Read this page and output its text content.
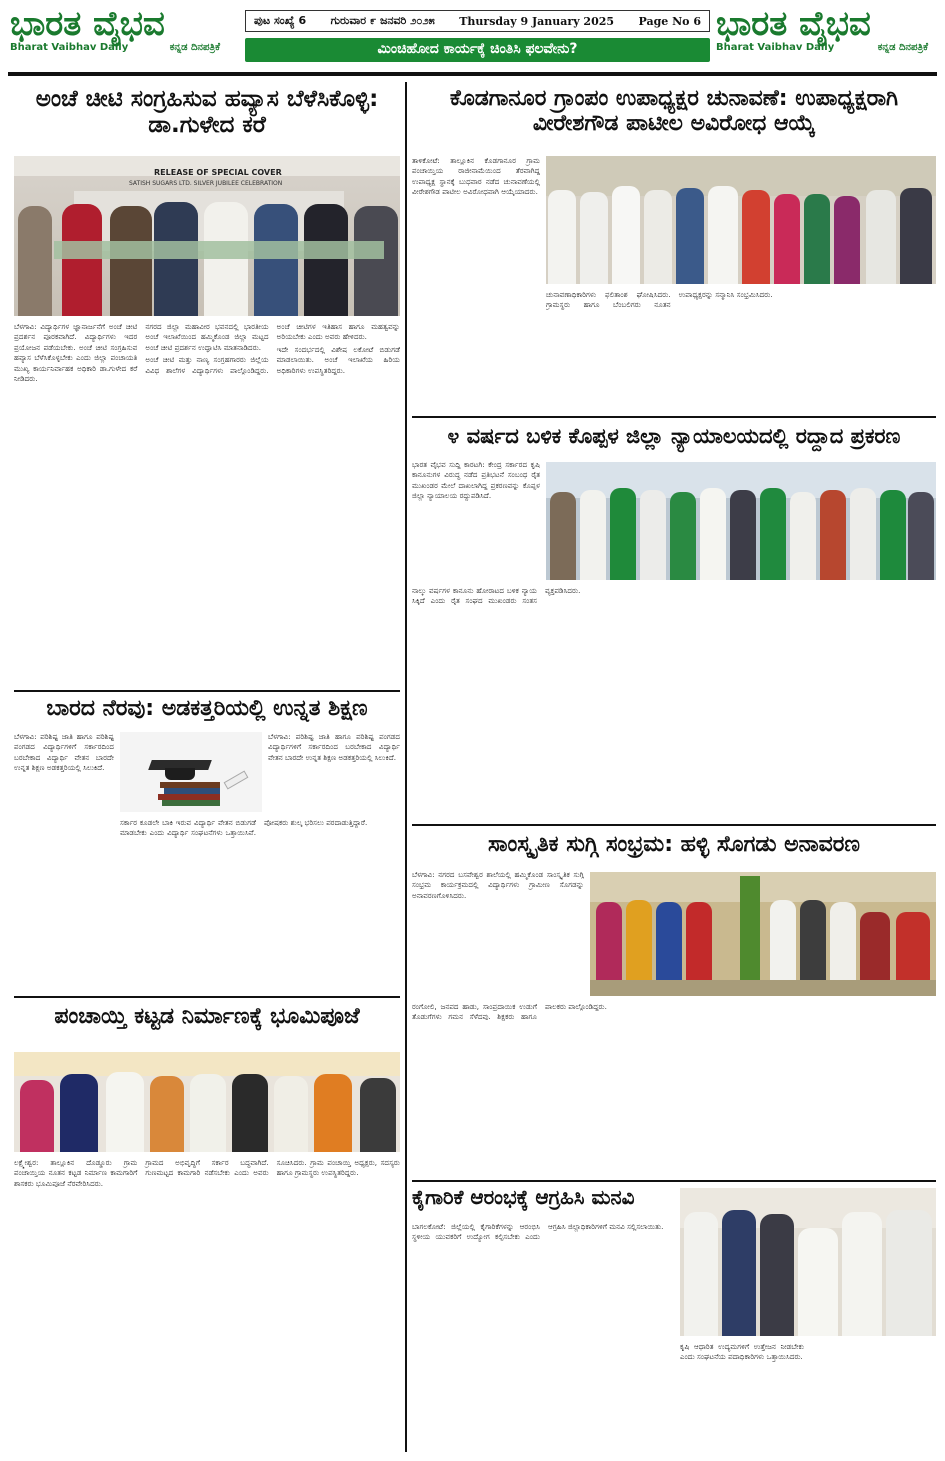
ಭಾರತ ವೈಭವ
Bharat Vaibhav Daily	ಕನ್ನಡ ದಿನಪತ್ರಿಕೆ
ಪುಟ ಸಂಖ್ಯೆ 6 ಗುರುವಾರ ೯ ಜನವರಿ ೨೦೨೫ Thursday 9 January 2025 Page No 6
ಮಿಂಚಿಹೋದ ಕಾರ್ಯಕ್ಕೆ ಚಿಂತಿಸಿ ಫಲವೇನು?
ಭಾರತ ವೈಭವ
Bharat Vaibhav Daily	ಕನ್ನಡ ದಿನಪತ್ರಿಕೆ
ಅಂಚೆ ಚೀಟಿ ಸಂಗ್ರಹಿಸುವ ಹವ್ಯಾಸ ಬೆಳೆಸಿಕೊಳ್ಳಿ: ಡಾ.ಗುಳೇದ ಕರೆ
RELEASE OF SPECIAL COVER
SATISH SUGARS LTD. SILVER JUBILEE CELEBRATION

ಬೆಳಗಾವಿ: ವಿದ್ಯಾರ್ಥಿಗಳ ಜ್ಞಾನಾರ್ಜನೆಗೆ ಅಂಚೆ ಚೀಟಿ ಪ್ರದರ್ಶನ ಪೂರಕವಾಗಿದೆ. ವಿದ್ಯಾರ್ಥಿಗಳು ಇದರ ಪ್ರಯೋಜನ ಪಡೆಯಬೇಕು. ಅಂಚೆ ಚೀಟಿ ಸಂಗ್ರಹಿಸುವ ಹವ್ಯಾಸ ಬೆಳೆಸಿಕೊಳ್ಳಬೇಕು ಎಂದು ಜಿಲ್ಲಾ ಪಂಚಾಯತಿ ಮುಖ್ಯ ಕಾರ್ಯನಿರ್ವಾಹಕ ಅಧಿಕಾರಿ ಡಾ.ಗುಳೇದ ಕರೆ ನೀಡಿದರು.

ನಗರದ ಜಿಲ್ಲಾ ಮಹಾವೀರ ಭವನದಲ್ಲಿ ಭಾರತೀಯ ಅಂಚೆ ಇಲಾಖೆಯಿಂದ ಹಮ್ಮಿಕೊಂಡ ಜಿಲ್ಲಾ ಮಟ್ಟದ ಅಂಚೆ ಚೀಟಿ ಪ್ರದರ್ಶನ ಉದ್ಘಾಟಿಸಿ ಮಾತನಾಡಿದರು.

ಅಂಚೆ ಚೀಟಿ ಮತ್ತು ನಾಣ್ಯ ಸಂಗ್ರಹಗಾರರು ಜಿಲ್ಲೆಯ ವಿವಿಧ ಶಾಲೆಗಳ ವಿದ್ಯಾರ್ಥಿಗಳು ಪಾಲ್ಗೊಂಡಿದ್ದರು. ಅಂಚೆ ಚೀಟಿಗಳ ಇತಿಹಾಸ ಹಾಗೂ ಮಹತ್ವವನ್ನು ಅರಿಯಬೇಕು ಎಂದು ಅವರು ಹೇಳಿದರು.

ಇದೇ ಸಂದರ್ಭದಲ್ಲಿ ವಿಶೇಷ ಲಕೋಟೆ ಬಿಡುಗಡೆ ಮಾಡಲಾಯಿತು. ಅಂಚೆ ಇಲಾಖೆಯ ಹಿರಿಯ ಅಧಿಕಾರಿಗಳು ಉಪಸ್ಥಿತರಿದ್ದರು.

ಬಾರದ ನೆರವು: ಅಡಕತ್ತರಿಯಲ್ಲಿ ಉನ್ನತ ಶಿಕ್ಷಣ

ಬೆಳಗಾವಿ: ಪರಿಶಿಷ್ಟ ಜಾತಿ ಹಾಗೂ ಪರಿಶಿಷ್ಟ ಪಂಗಡದ ವಿದ್ಯಾರ್ಥಿಗಳಿಗೆ ಸರ್ಕಾರದಿಂದ ಬರಬೇಕಾದ ವಿದ್ಯಾರ್ಥಿ ವೇತನ ಬಾರದೇ ಉನ್ನತ ಶಿಕ್ಷಣ ಅಡಕತ್ತರಿಯಲ್ಲಿ ಸಿಲುಕಿದೆ.

ಸರ್ಕಾರ ಕೂಡಲೇ ಬಾಕಿ ಇರುವ ವಿದ್ಯಾರ್ಥಿ ವೇತನ ಬಿಡುಗಡೆ ಮಾಡಬೇಕು ಎಂದು ವಿದ್ಯಾರ್ಥಿ ಸಂಘಟನೆಗಳು ಒತ್ತಾಯಿಸಿವೆ. ಪೋಷಕರು ಶುಲ್ಕ ಭರಿಸಲು ಪರದಾಡುತ್ತಿದ್ದಾರೆ.

ಬೆಳಗಾವಿ: ಪರಿಶಿಷ್ಟ ಜಾತಿ ಹಾಗೂ ಪರಿಶಿಷ್ಟ ಪಂಗಡದ ವಿದ್ಯಾರ್ಥಿಗಳಿಗೆ ಸರ್ಕಾರದಿಂದ ಬರಬೇಕಾದ ವಿದ್ಯಾರ್ಥಿ ವೇತನ ಬಾರದೇ ಉನ್ನತ ಶಿಕ್ಷಣ ಅಡಕತ್ತರಿಯಲ್ಲಿ ಸಿಲುಕಿದೆ.

ಪಂಚಾಯ್ತಿ ಕಟ್ಟಡ ನಿರ್ಮಾಣಕ್ಕೆ ಭೂಮಿಪೂಜೆ

ಲಕ್ಷ್ಮೇಶ್ವರ: ತಾಲ್ಲೂಕಿನ ದೊಡ್ಡೂರು ಗ್ರಾಮ ಪಂಚಾಯ್ತಿಯ ನೂತನ ಕಟ್ಟಡ ನಿರ್ಮಾಣ ಕಾಮಗಾರಿಗೆ ಶಾಸಕರು ಭೂಮಿಪೂಜೆ ನೆರವೇರಿಸಿದರು.

ಗ್ರಾಮದ ಅಭಿವೃದ್ಧಿಗೆ ಸರ್ಕಾರ ಬದ್ಧವಾಗಿದೆ. ಗುಣಮಟ್ಟದ ಕಾಮಗಾರಿ ನಡೆಸಬೇಕು ಎಂದು ಅವರು ಸೂಚಿಸಿದರು. ಗ್ರಾಮ ಪಂಚಾಯ್ತಿ ಅಧ್ಯಕ್ಷರು, ಸದಸ್ಯರು ಹಾಗೂ ಗ್ರಾಮಸ್ಥರು ಉಪಸ್ಥಿತರಿದ್ದರು.

ಕೊಡಗಾನೂರ ಗ್ರಾಂಪಂ ಉಪಾಧ್ಯಕ್ಷರ ಚುನಾವಣೆ: ಉಪಾಧ್ಯಕ್ಷರಾಗಿ ವೀರೇಶಗೌಡ ಪಾಟೀಲ ಅವಿರೋಧ ಆಯ್ಕೆ

ತಾಳಿಕೋಟೆ: ತಾಲ್ಲೂಕಿನ ಕೊಡಗಾನೂರ ಗ್ರಾಮ ಪಂಚಾಯ್ತಿಯ ರಾಜೀನಾಮೆಯಿಂದ ತೆರವಾಗಿದ್ದ ಉಪಾಧ್ಯಕ್ಷ ಸ್ಥಾನಕ್ಕೆ ಬುಧವಾರ ನಡೆದ ಚುನಾವಣೆಯಲ್ಲಿ ವೀರೇಶಗೌಡ ಪಾಟೀಲ ಅವಿರೋಧವಾಗಿ ಆಯ್ಕೆಯಾದರು.

ಚುನಾವಣಾಧಿಕಾರಿಗಳು ಫಲಿತಾಂಶ ಘೋಷಿಸಿದರು. ಗ್ರಾಮಸ್ಥರು ಹಾಗೂ ಬೆಂಬಲಿಗರು ನೂತನ ಉಪಾಧ್ಯಕ್ಷರನ್ನು ಸನ್ಮಾನಿಸಿ ಸಂಭ್ರಮಿಸಿದರು.

೪ ವರ್ಷದ ಬಳಿಕ ಕೊಪ್ಪಳ ಜಿಲ್ಲಾ ನ್ಯಾಯಾಲಯದಲ್ಲಿ ರದ್ದಾದ ಪ್ರಕರಣ

ಭಾರತ ವೈಭವ ಸುದ್ದಿ ಕಾರಟಗಿ: ಕೇಂದ್ರ ಸರ್ಕಾರದ ಕೃಷಿ ಕಾನೂನುಗಳ ವಿರುದ್ಧ ನಡೆದ ಪ್ರತಿಭಟನೆ ಸಂಬಂಧ ರೈತ ಮುಖಂಡರ ಮೇಲೆ ದಾಖಲಾಗಿದ್ದ ಪ್ರಕರಣವನ್ನು ಕೊಪ್ಪಳ ಜಿಲ್ಲಾ ನ್ಯಾಯಾಲಯ ರದ್ದುಪಡಿಸಿದೆ.

ನಾಲ್ಕು ವರ್ಷಗಳ ಕಾನೂನು ಹೋರಾಟದ ಬಳಿಕ ನ್ಯಾಯ ಸಿಕ್ಕಿದೆ ಎಂದು ರೈತ ಸಂಘದ ಮುಖಂಡರು ಸಂತಸ ವ್ಯಕ್ತಪಡಿಸಿದರು.

ಸಾಂಸ್ಕೃತಿಕ ಸುಗ್ಗಿ ಸಂಭ್ರಮ: ಹಳ್ಳಿ ಸೊಗಡು ಅನಾವರಣ

ಬೆಳಗಾವಿ: ನಗರದ ಬಸವೇಶ್ವರ ಶಾಲೆಯಲ್ಲಿ ಹಮ್ಮಿಕೊಂಡ ಸಾಂಸ್ಕೃತಿಕ ಸುಗ್ಗಿ ಸಂಭ್ರಮ ಕಾರ್ಯಕ್ರಮದಲ್ಲಿ ವಿದ್ಯಾರ್ಥಿಗಳು ಗ್ರಾಮೀಣ ಸೊಗಡನ್ನು ಅನಾವರಣಗೊಳಿಸಿದರು.

ರಂಗೋಲಿ, ಜನಪದ ಹಾಡು, ಸಾಂಪ್ರದಾಯಿಕ ಉಡುಗೆ ತೊಡುಗೆಗಳು ಗಮನ ಸೆಳೆದವು. ಶಿಕ್ಷಕರು ಹಾಗೂ ಪಾಲಕರು ಪಾಲ್ಗೊಂಡಿದ್ದರು.

ಕೈಗಾರಿಕೆ ಆರಂಭಕ್ಕೆ ಆಗ್ರಹಿಸಿ ಮನವಿ

ಬಾಗಲಕೋಟೆ: ಜಿಲ್ಲೆಯಲ್ಲಿ ಕೈಗಾರಿಕೆಗಳನ್ನು ಆರಂಭಿಸಿ ಸ್ಥಳೀಯ ಯುವಕರಿಗೆ ಉದ್ಯೋಗ ಕಲ್ಪಿಸಬೇಕು ಎಂದು ಆಗ್ರಹಿಸಿ ಜಿಲ್ಲಾಧಿಕಾರಿಗಳಿಗೆ ಮನವಿ ಸಲ್ಲಿಸಲಾಯಿತು.

ಕೃಷಿ ಆಧಾರಿತ ಉದ್ಯಮಗಳಿಗೆ ಉತ್ತೇಜನ ನೀಡಬೇಕು ಎಂದು ಸಂಘಟನೆಯ ಪದಾಧಿಕಾರಿಗಳು ಒತ್ತಾಯಿಸಿದರು.
